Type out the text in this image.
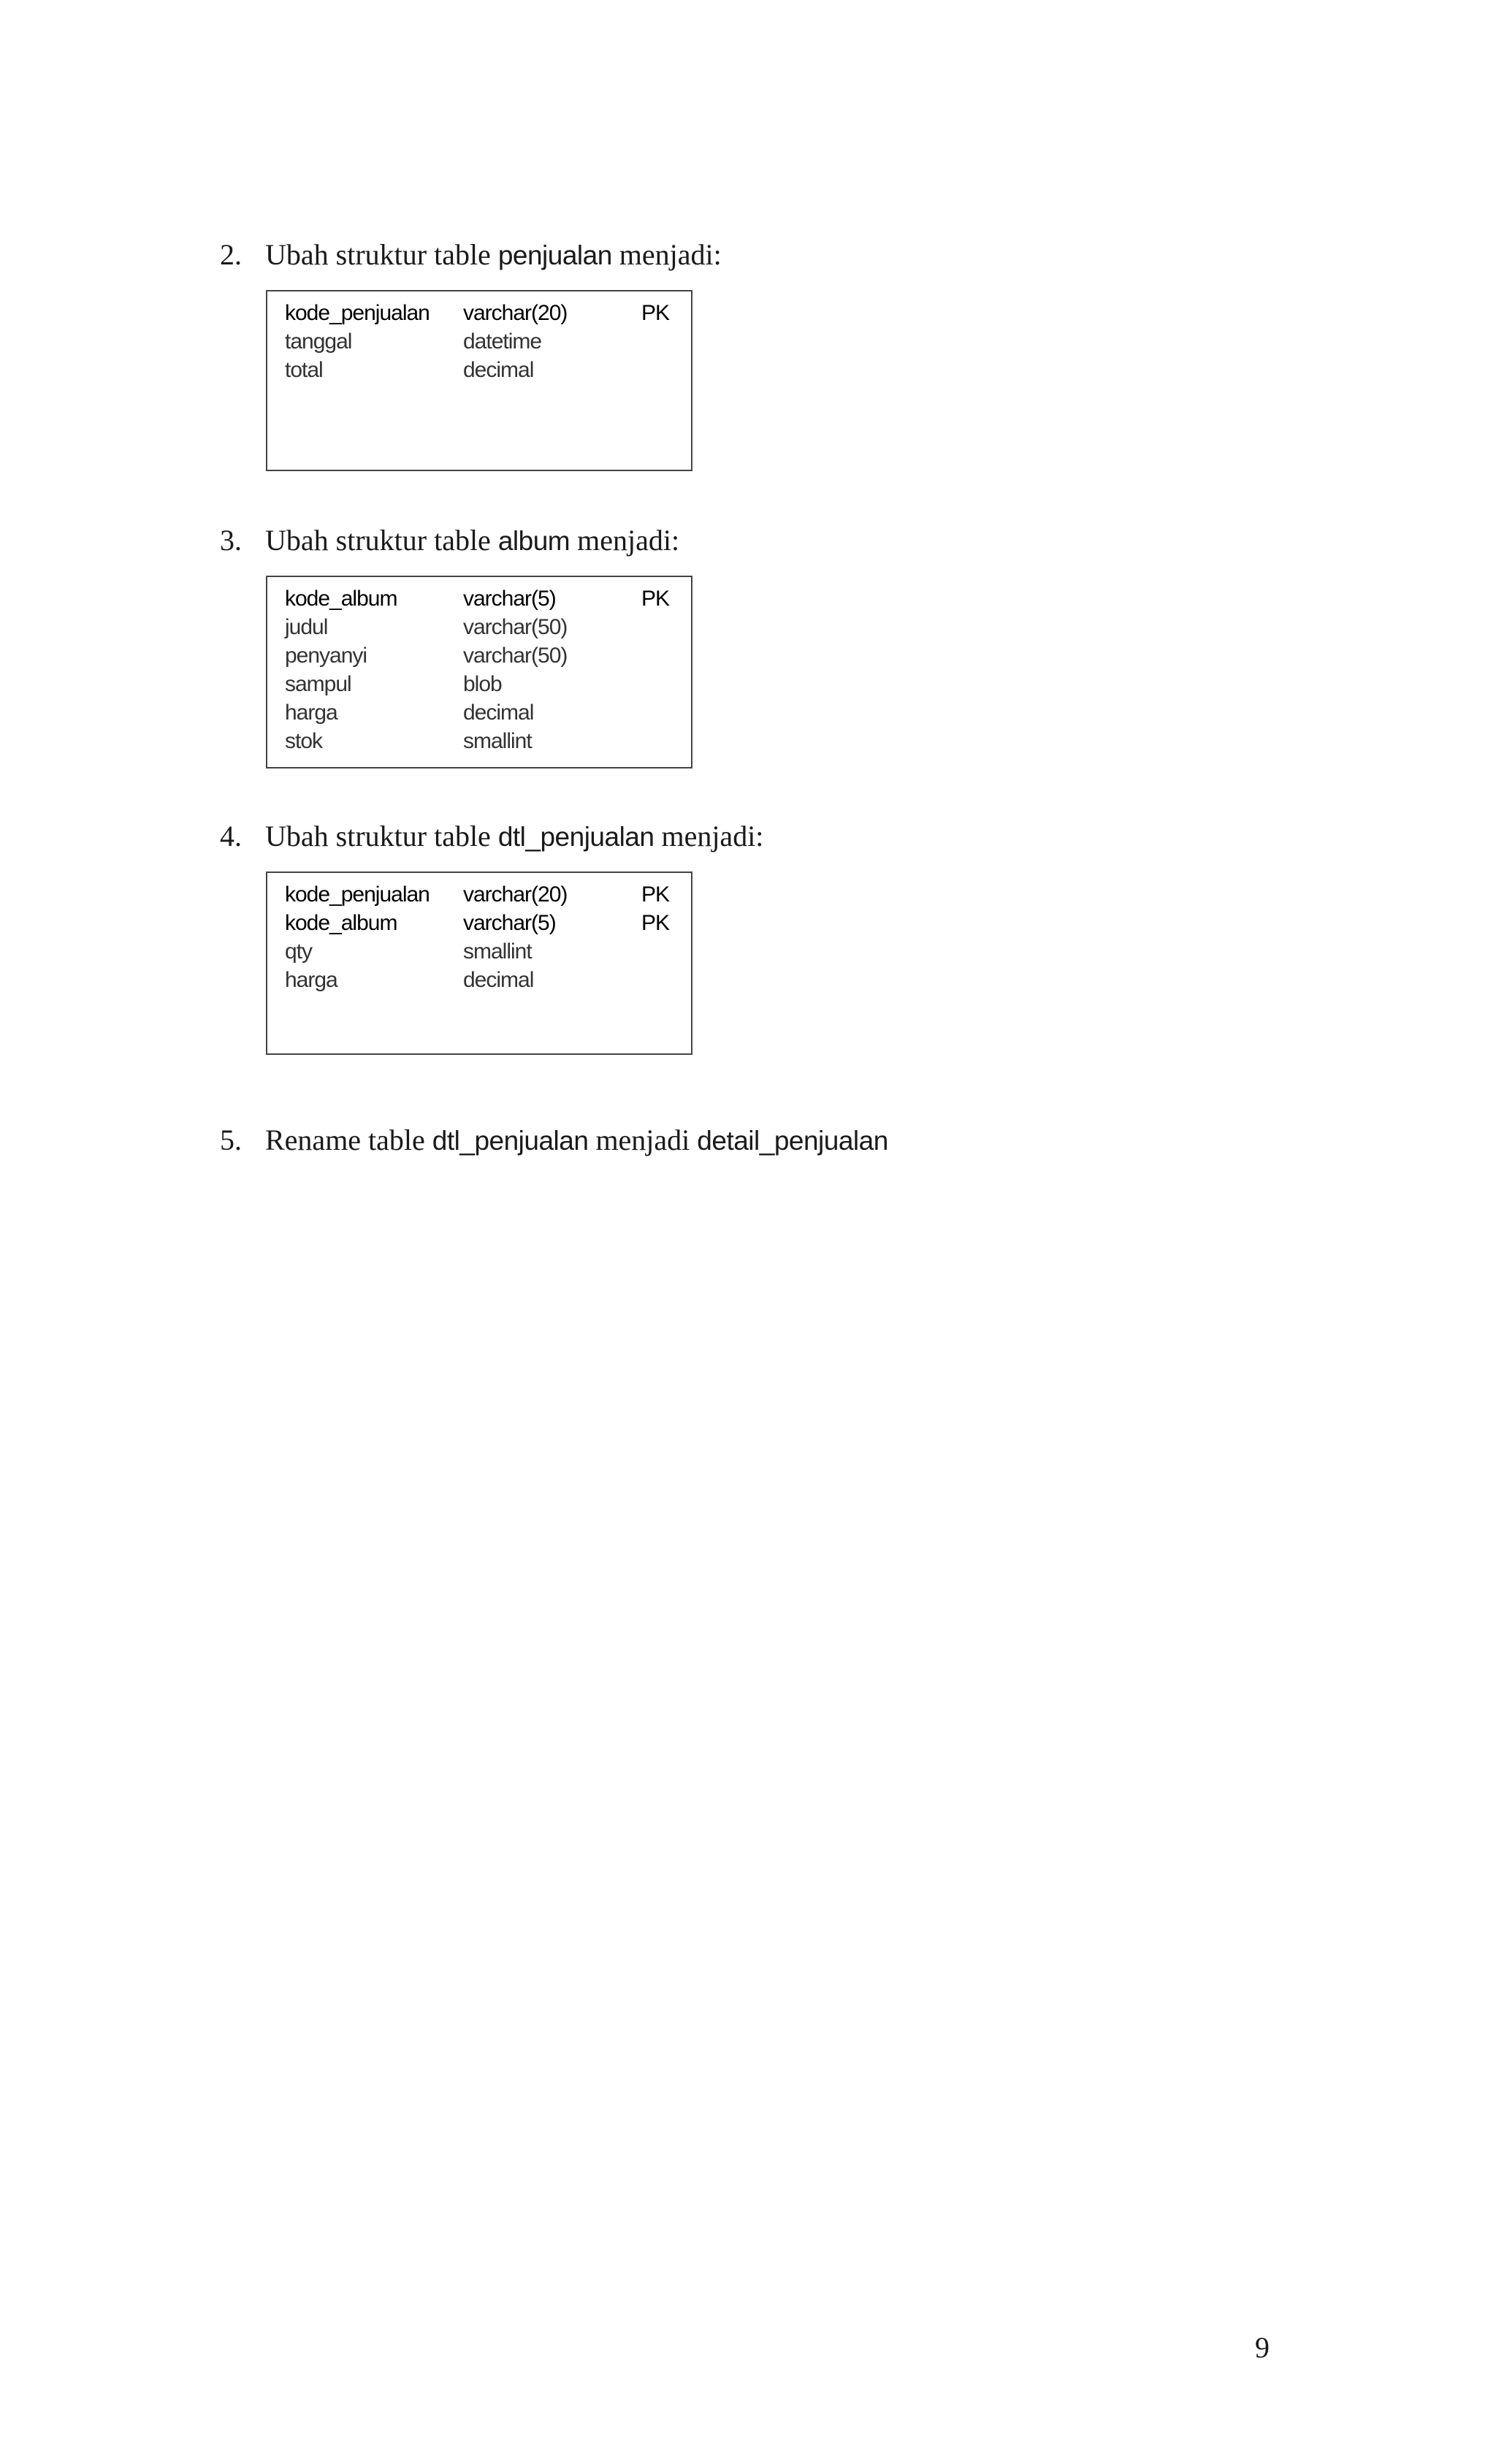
2. Ubah struktur table penjualan menjadi:
kode_penjualan varchar(20)	PK
tanggal	datetime
total	decimal
3. Ubah struktur table album menjadi:
kode_album	varchar(5)	PK
judul	varchar(50)
penyanyi	varchar(50)
sampul	blob
harga	decimal
stok	smallint
4. Ubah struktur table dtl_penjualan menjadi:
kode_penjualan varchar(20)	PK
kode_album	varchar(5)	PK
qty	smallint
harga	decimal
5. Rename table dtl_penjualan menjadi detail_penjualan
9
